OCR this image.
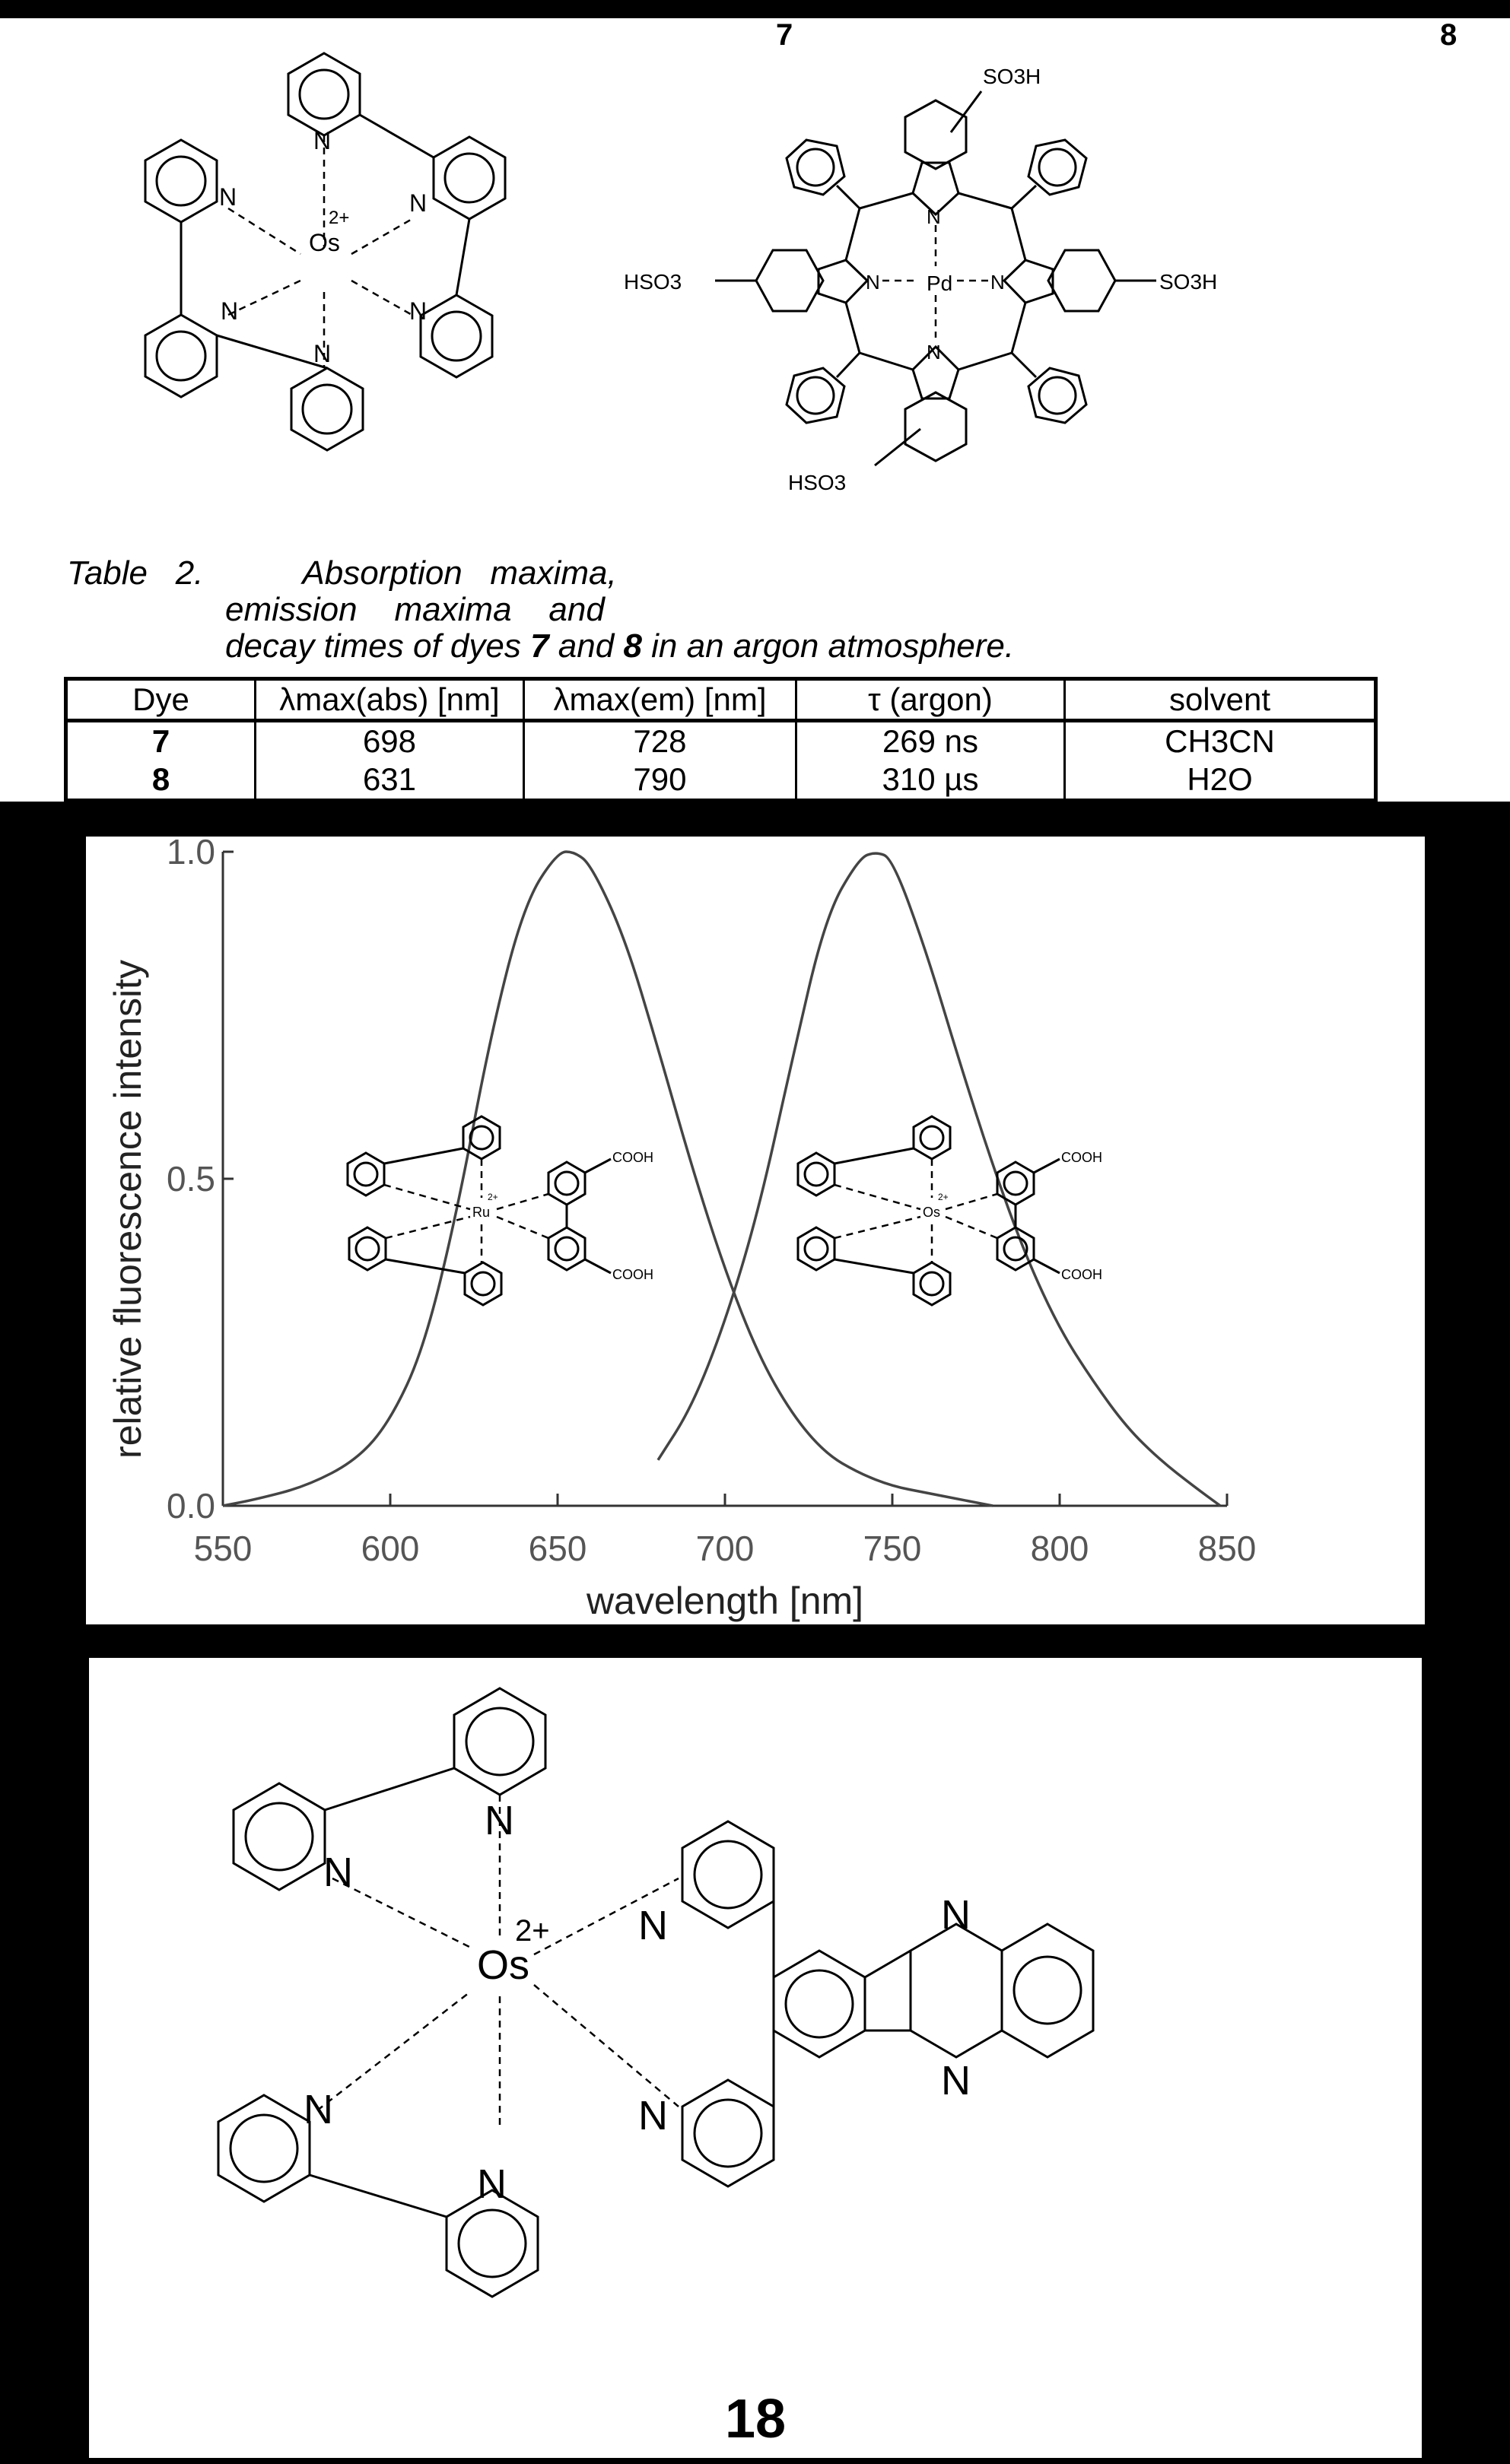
7	8
Os
2+
N
N	N
N	N
N
Pd
N
N
N	N
SO3H
SO3H
HSO3
HSO3
Table   2.	Absorption   maxima,
emission    maxima    and
decay times of dyes 7 and 8 in an argon atmosphere.
Dye	λmax(abs) [nm]	λmax(em) [nm]	τ (argon)	solvent
7	698	728	269 ns	CH3CN
8	631	790	310 µs	H2O
550	600	650	700	750	800	850
0.0
0.5
1.0
wavelength [nm]
relative fluorescence intensity	Ru
2+
COOH
COOH
Os
2+
COOH
COOH
Os
2+
N
N
N
N
N
N
N
N
18
